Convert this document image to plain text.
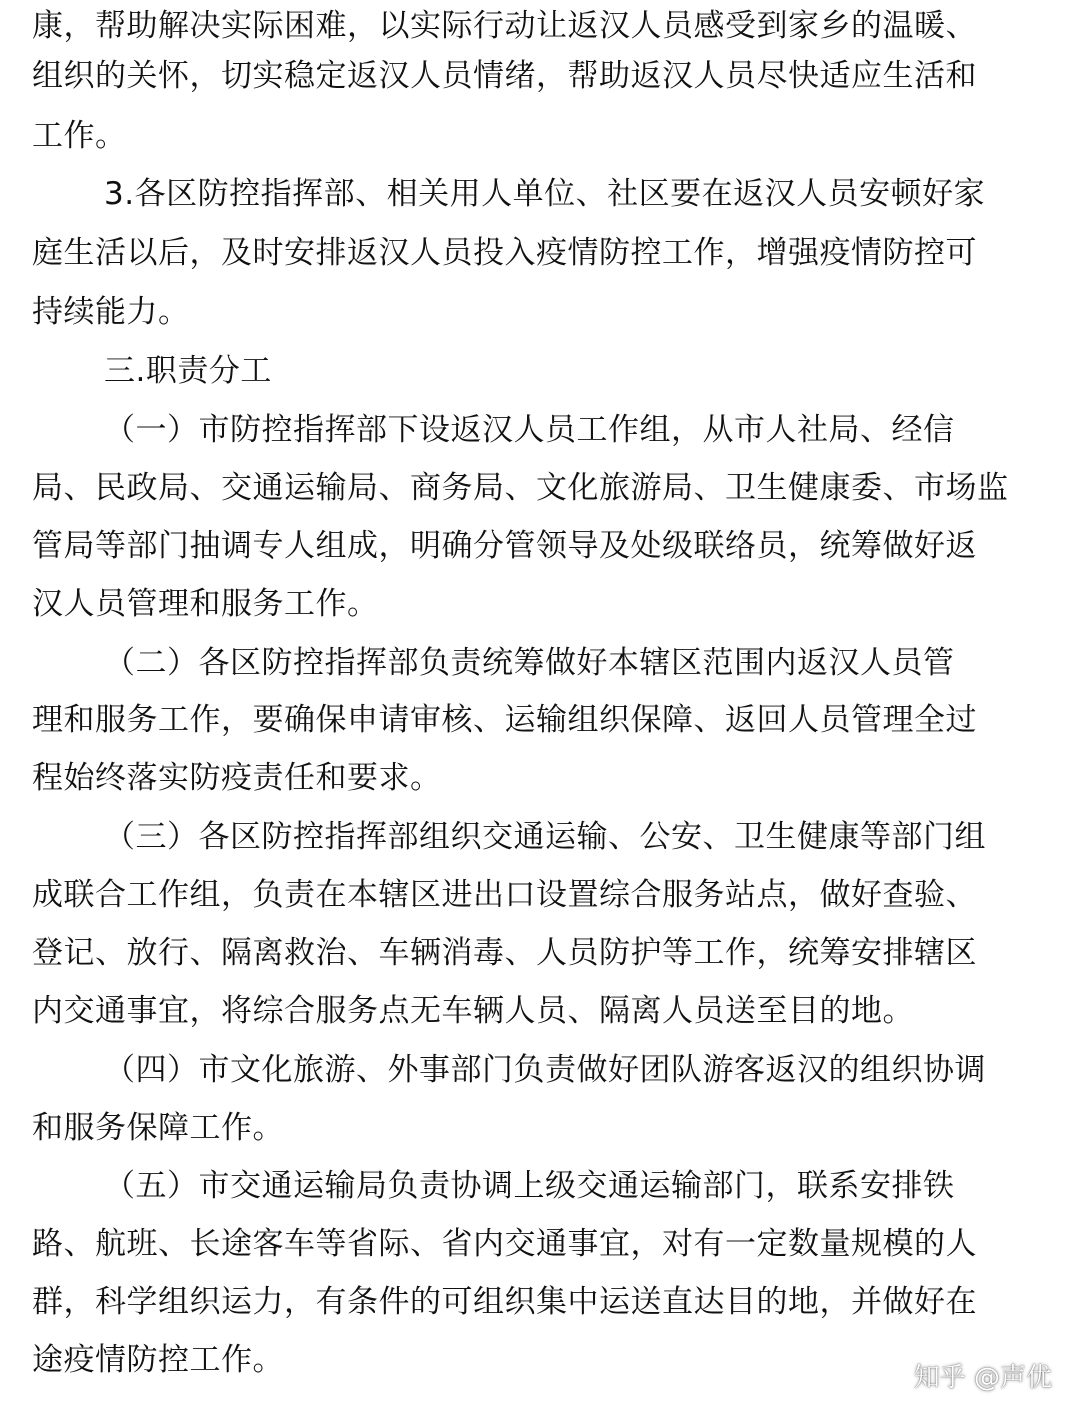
康，帮助解决实际困难，以实际行动让返汉人员感受到家乡的温暖、
组织的关怀，切实稳定返汉人员情绪，帮助返汉人员尽快适应生活和
工作。
3.各区防控指挥部、相关用人单位、社区要在返汉人员安顿好家
庭生活以后，及时安排返汉人员投入疫情防控工作，增强疫情防控可
持续能力。
三.职责分工
（一）市防控指挥部下设返汉人员工作组，从市人社局、经信
局、民政局、交通运输局、商务局、文化旅游局、卫生健康委、市场监
管局等部门抽调专人组成，明确分管领导及处级联络员，统筹做好返
汉人员管理和服务工作。
（二）各区防控指挥部负责统筹做好本辖区范围内返汉人员管
理和服务工作，要确保申请审核、运输组织保障、返回人员管理全过
程始终落实防疫责任和要求。
（三）各区防控指挥部组织交通运输、公安、卫生健康等部门组
成联合工作组，负责在本辖区进出口设置综合服务站点，做好查验、
登记、放行、隔离救治、车辆消毒、人员防护等工作，统筹安排辖区
内交通事宜，将综合服务点无车辆人员、隔离人员送至目的地。
（四）市文化旅游、外事部门负责做好团队游客返汉的组织协调
和服务保障工作。
（五）市交通运输局负责协调上级交通运输部门，联系安排铁
路、航班、长途客车等省际、省内交通事宜，对有一定数量规模的人
群，科学组织运力，有条件的可组织集中运送直达目的地，并做好在
途疫情防控工作。	知乎 @声优
